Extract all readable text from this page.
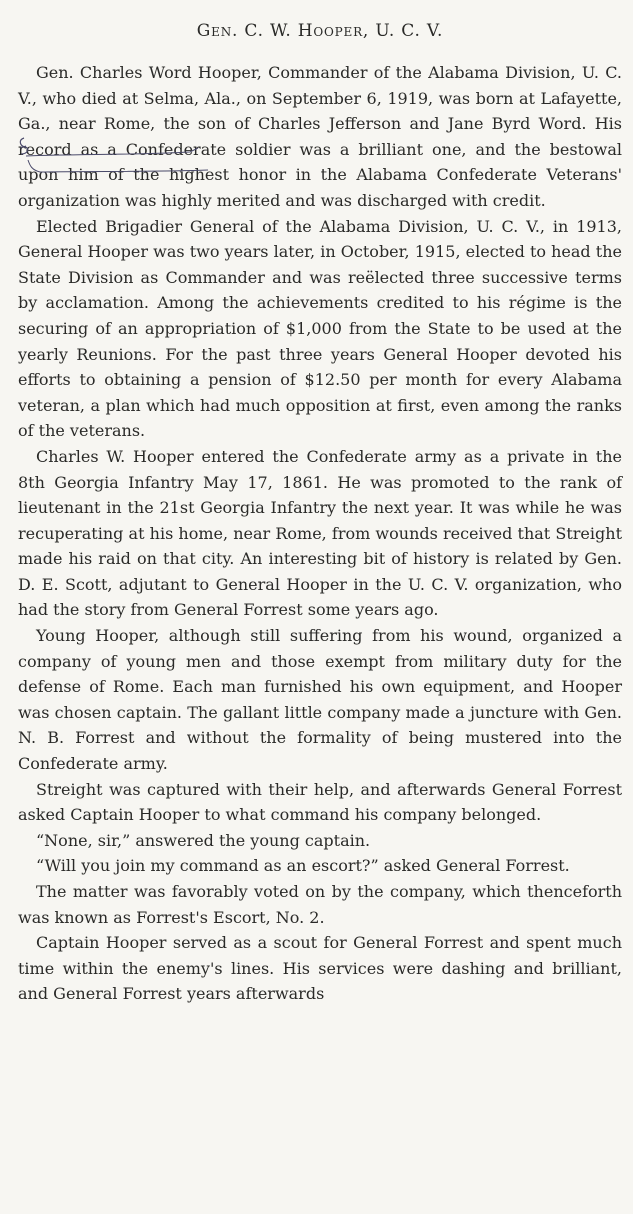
Gen. C. W. Hooper, U. C. V.

Gen. Charles Word Hooper, Commander of the Alabama Division, U. C. V., who died at Selma, Ala., on September 6, 1919, was born at Lafayette, Ga., near Rome, the son of Charles Jefferson and Jane Byrd Word. His record as a Confederate soldier was a brilliant one, and the bestowal upon him of the highest honor in the Alabama Confederate Veterans' organization was highly merited and was discharged with credit.

Elected Brigadier General of the Alabama Division, U. C. V., in 1913, General Hooper was two years later, in October, 1915, elected to head the State Division as Commander and was reëlected three successive terms by acclamation. Among the achievements credited to his régime is the securing of an appropriation of $1,000 from the State to be used at the yearly Reunions. For the past three years General Hooper devoted his efforts to obtaining a pension of $12.50 per month for every Alabama veteran, a plan which had much opposition at first, even among the ranks of the veterans.

Charles W. Hooper entered the Confederate army as a private in the 8th Georgia Infantry May 17, 1861. He was promoted to the rank of lieutenant in the 21st Georgia Infantry the next year. It was while he was recuperating at his home, near Rome, from wounds received that Streight made his raid on that city. An interesting bit of history is related by Gen. D. E. Scott, adjutant to General Hooper in the U. C. V. organization, who had the story from General Forrest some years ago.

Young Hooper, although still suffering from his wound, organized a company of young men and those exempt from military duty for the defense of Rome. Each man furnished his own equipment, and Hooper was chosen captain. The gallant little company made a juncture with Gen. N. B. Forrest and without the formality of being mustered into the Confederate army.

Streight was captured with their help, and afterwards General Forrest asked Captain Hooper to what command his company belonged.

“None, sir,” answered the young captain.

“Will you join my command as an escort?” asked General Forrest.

The matter was favorably voted on by the company, which thenceforth was known as Forrest's Escort, No. 2.

Captain Hooper served as a scout for General Forrest and spent much time within the enemy's lines. His services were dashing and brilliant, and General Forrest years afterwards
